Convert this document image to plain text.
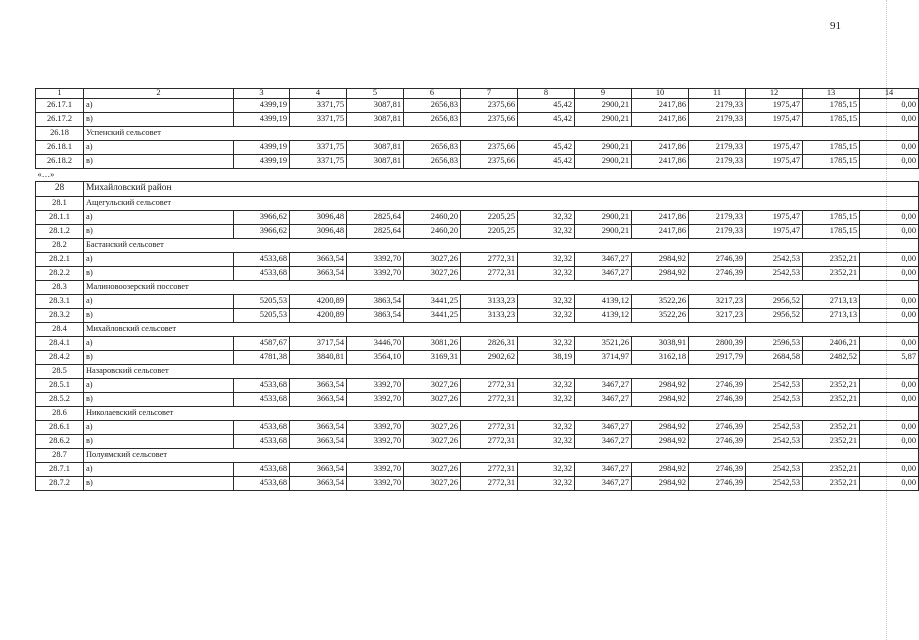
91
1	2	3	4	5	6	7	8	9	10	11	12	13	14
26.17.1	а)	4399,19	3371,75	3087,81	2656,83	2375,66	45,42	2900,21	2417,86	2179,33	1975,47	1785,15	0,00
26.17.2	в)	4399,19	3371,75	3087,81	2656,83	2375,66	45,42	2900,21	2417,86	2179,33	1975,47	1785,15	0,00
26.18	Успенский сельсовет												
26.18.1	а)	4399,19	3371,75	3087,81	2656,83	2375,66	45,42	2900,21	2417,86	2179,33	1975,47	1785,15	0,00
26.18.2	в)	4399,19	3371,75	3087,81	2656,83	2375,66	45,42	2900,21	2417,86	2179,33	1975,47	1785,15	0,00
«…»													
28	Михайловский район												
28.1	Ащегульский сельсовет												
28.1.1	а)	3966,62	3096,48	2825,64	2460,20	2205,25	32,32	2900,21	2417,86	2179,33	1975,47	1785,15	0,00
28.1.2	в)	3966,62	3096,48	2825,64	2460,20	2205,25	32,32	2900,21	2417,86	2179,33	1975,47	1785,15	0,00
28.2	Бастанский сельсовет												
28.2.1	а)	4533,68	3663,54	3392,70	3027,26	2772,31	32,32	3467,27	2984,92	2746,39	2542,53	2352,21	0,00
28.2.2	в)	4533,68	3663,54	3392,70	3027,26	2772,31	32,32	3467,27	2984,92	2746,39	2542,53	2352,21	0,00
28.3	Малиновоозерский поссовет												
28.3.1	а)	5205,53	4200,89	3863,54	3441,25	3133,23	32,32	4139,12	3522,26	3217,23	2956,52	2713,13	0,00
28.3.2	в)	5205,53	4200,89	3863,54	3441,25	3133,23	32,32	4139,12	3522,26	3217,23	2956,52	2713,13	0,00
28.4	Михайловский сельсовет												
28.4.1	а)	4587,67	3717,54	3446,70	3081,26	2826,31	32,32	3521,26	3038,91	2800,39	2596,53	2406,21	0,00
28.4.2	в)	4781,38	3840,81	3564,10	3169,31	2902,62	38,19	3714,97	3162,18	2917,79	2684,58	2482,52	5,87
28.5	Назаровский сельсовет												
28.5.1	а)	4533,68	3663,54	3392,70	3027,26	2772,31	32,32	3467,27	2984,92	2746,39	2542,53	2352,21	0,00
28.5.2	в)	4533,68	3663,54	3392,70	3027,26	2772,31	32,32	3467,27	2984,92	2746,39	2542,53	2352,21	0,00
28.6	Николаевский сельсовет												
28.6.1	а)	4533,68	3663,54	3392,70	3027,26	2772,31	32,32	3467,27	2984,92	2746,39	2542,53	2352,21	0,00
28.6.2	в)	4533,68	3663,54	3392,70	3027,26	2772,31	32,32	3467,27	2984,92	2746,39	2542,53	2352,21	0,00
28.7	Полуямский сельсовет												
28.7.1	а)	4533,68	3663,54	3392,70	3027,26	2772,31	32,32	3467,27	2984,92	2746,39	2542,53	2352,21	0,00
28.7.2	в)	4533,68	3663,54	3392,70	3027,26	2772,31	32,32	3467,27	2984,92	2746,39	2542,53	2352,21	0,00
